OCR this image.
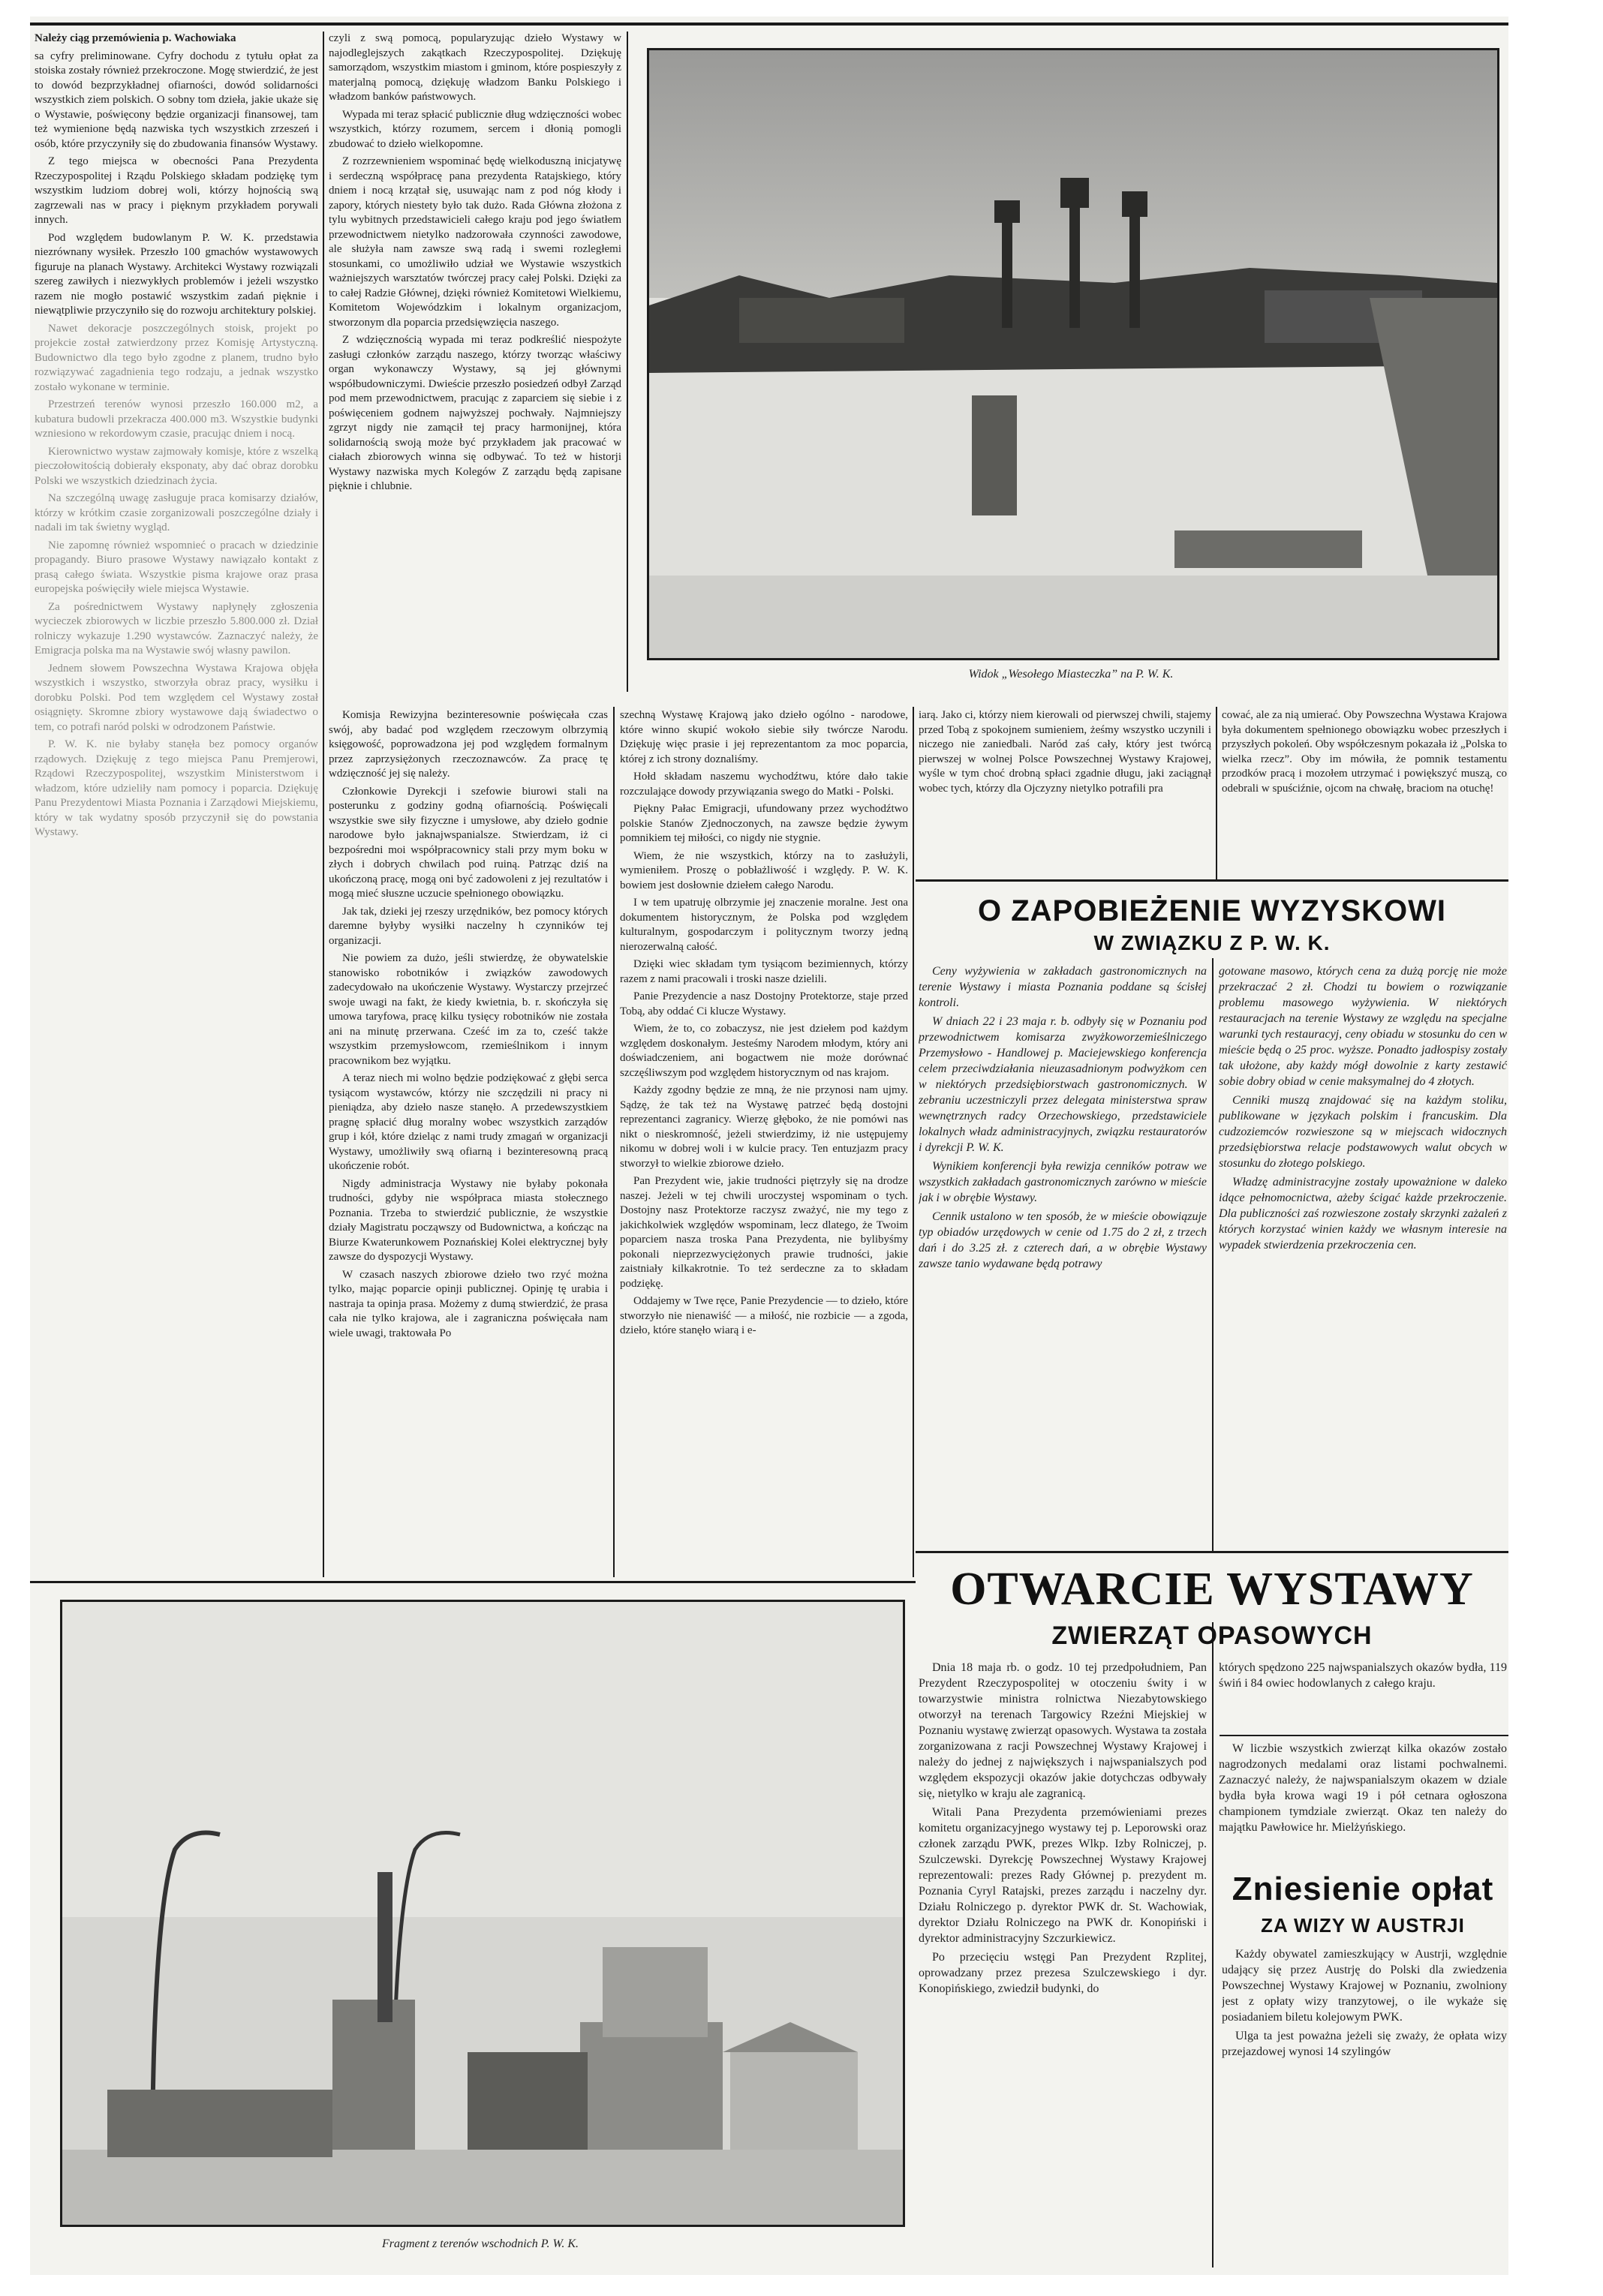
Należy ciąg przemówienia p. Wachowiaka

sa cyfry preliminowane. Cyfry dochodu z tytułu opłat za stoiska zostały również przekroczone. Mogę stwierdzić, że jest to dowód bezprzykładnej ofiarności, dowód solidarności wszystkich ziem polskich. O sobny tom dzieła, jakie ukaże się o Wystawie, poświęcony będzie organizacji finansowej, tam też wymienione będą nazwiska tych wszystkich zrzeszeń i osób, które przyczyniły się do zbudowania finansów Wystawy.

Z tego miejsca w obecności Pana Prezydenta Rzeczypospolitej i Rządu Polskiego składam podziękę tym wszystkim ludziom dobrej woli, którzy hojnością swą zagrzewali nas w pracy i pięknym przykładem porywali innych.

Pod względem budowlanym P. W. K. przedstawia niezrównany wysiłek. Przeszło 100 gmachów wystawowych figuruje na planach Wystawy. Architekci Wystawy rozwiązali szereg zawiłych i niezwykłych problemów i jeżeli wszystko razem nie mogło postawić wszystkim zadań pięknie i niewątpliwie przyczyniło się do rozwoju architektury polskiej.

Nawet dekoracje poszczególnych stoisk, projekt po projekcie został zatwierdzony przez Komisję Artystyczną. Budownictwo dla tego było zgodne z planem, trudno było rozwiązywać zagadnienia tego rodzaju, a jednak wszystko zostało wykonane w terminie.

Przestrzeń terenów wynosi przeszło 160.000 m2, a kubatura budowli przekracza 400.000 m3. Wszystkie budynki wzniesiono w rekordowym czasie, pracując dniem i nocą.

Kierownictwo wystaw zajmowały komisje, które z wszelką pieczołowitością dobierały eksponaty, aby dać obraz dorobku Polski we wszystkich dziedzinach życia.

Na szczególną uwagę zasługuje praca komisarzy działów, którzy w krótkim czasie zorganizowali poszczególne działy i nadali im tak świetny wygląd.

Nie zapomnę również wspomnieć o pracach w dziedzinie propagandy. Biuro prasowe Wystawy nawiązało kontakt z prasą całego świata. Wszystkie pisma krajowe oraz prasa europejska poświęciły wiele miejsca Wystawie.

Za pośrednictwem Wystawy napłynęły zgłoszenia wycieczek zbiorowych w liczbie przeszło 5.800.000 zł. Dział rolniczy wykazuje 1.290 wystawców. Zaznaczyć należy, że Emigracja polska ma na Wystawie swój własny pawilon.

Jednem słowem Powszechna Wystawa Krajowa objęła wszystkich i wszystko, stworzyła obraz pracy, wysiłku i dorobku Polski. Pod tem względem cel Wystawy został osiągnięty. Skromne zbiory wystawowe dają świadectwo o tem, co potrafi naród polski w odrodzonem Państwie.

P. W. K. nie byłaby stanęła bez pomocy organów rządowych. Dziękuję z tego miejsca Panu Premjerowi, Rządowi Rzeczypospolitej, wszystkim Ministerstwom i władzom, które udzieliły nam pomocy i poparcia. Dziękuję Panu Prezydentowi Miasta Poznania i Zarządowi Miejskiemu, który w tak wydatny sposób przyczynił się do powstania Wystawy.

czyli z swą pomocą, popularyzując dzieło Wystawy w najodleglejszych zakątkach Rzeczypospolitej. Dziękuję samorządom, wszystkim miastom i gminom, które pospieszyły z materjalną pomocą, dziękuję władzom Banku Polskiego i władzom banków państwowych.

Wypada mi teraz spłacić publicznie dług wdzięczności wobec wszystkich, którzy rozumem, sercem i dłonią pomogli zbudować to dzieło wielkopomne.

Z rozrzewnieniem wspominać będę wielkoduszną inicjatywę i serdeczną współpracę pana prezydenta Ratajskiego, który dniem i nocą krzątał się, usuwając nam z pod nóg kłody i zapory, których niestety było tak dużo. Rada Główna złożona z tylu wybitnych przedstawicieli całego kraju pod jego światłem przewodnictwem nietylko nadzorowała czynności zawodowe, ale służyła nam zawsze swą radą i swemi rozległemi stosunkami, co umożliwiło udział we Wystawie wszystkich ważniejszych warsztatów twórczej pracy całej Polski. Dzięki za to całej Radzie Głównej, dzięki również Komitetowi Wielkiemu, Komitetom Wojewódzkim i lokalnym organizacjom, stworzonym dla poparcia przedsięwzięcia naszego.

Z wdzięcznością wypada mi teraz podkreślić niespożyte zasługi członków zarządu naszego, którzy tworząc właściwy organ wykonawczy Wystawy, są jej głównymi współbudowniczymi. Dwieście przeszło posiedzeń odbył Zarząd pod mem przewodnictwem, pracując z zaparciem się siebie i z poświęceniem godnem najwyższej pochwały. Najmniejszy zgrzyt nigdy nie zamącił tej pracy harmonijnej, która solidarnością swoją może być przykładem jak pracować w ciałach zbiorowych winna się odbywać. To też w historji Wystawy nazwiska mych Kolegów Z zarządu będą zapisane pięknie i chlubnie.

Komisja Rewizyjna bezinteresownie poświęcała czas swój, aby badać pod względem rzeczowym olbrzymią księgowość, poprowadzona jej pod względem formalnym przez zaprzysiężonych rzeczoznawców. Za pracę tę wdzięczność jej się należy.

Członkowie Dyrekcji i szefowie biurowi stali na posterunku z godziny godną ofiarnością. Poświęcali wszystkie swe siły fizyczne i umysłowe, aby dzieło godnie narodowe było jaknajwspanialsze. Stwierdzam, iż ci bezpośredni moi współpracownicy stali przy mym boku w złych i dobrych chwilach pod ruiną. Patrząc dziś na ukończoną pracę, mogą oni być zadowoleni z jej rezultatów i mogą mieć słuszne uczucie spełnionego obowiązku.

Jak tak, dzieki jej rzeszy urzędników, bez pomocy których daremne byłyby wysiłki naczelny h czynników tej organizacji.

Nie powiem za dużo, jeśli stwierdzę, że obywatelskie stanowisko robotników i związków zawodowych zadecydowało na ukończenie Wystawy. Wystarczy przejrzeć swoje uwagi na fakt, że kiedy kwietnia, b. r. skończyła się umowa taryfowa, pracę kilku tysięcy robotników nie została ani na minutę przerwana. Cześć im za to, cześć także wszystkim przemysłowcom, rzemieślnikom i innym pracownikom bez wyjątku.

A teraz niech mi wolno będzie podziękować z głębi serca tysiącom wystawców, którzy nie szczędzili ni pracy ni pieniądza, aby dzieło nasze stanęło. A przedewszystkiem pragnę spłacić dług moralny wobec wszystkich zarządów grup i kół, które dzieląc z nami trudy zmagań w organizacji Wystawy, umożliwiły swą ofiarną i bezinteresowną pracą ukończenie robót.

Nigdy administracja Wystawy nie byłaby pokonała trudności, gdyby nie współpraca miasta stołecznego Poznania. Trzeba to stwierdzić publicznie, że wszystkie działy Magistratu począwszy od Budownictwa, a kończąc na Biurze Kwaterunkowem Poznańskiej Kolei elektrycznej były zawsze do dyspozycji Wystawy.

W czasach naszych zbiorowe dzieło two rzyć można tylko, mając poparcie opinji publicznej. Opinję tę urabia i nastraja ta opinja prasa. Możemy z dumą stwierdzić, że prasa cała nie tylko krajowa, ale i zagraniczna poświęcała nam wiele uwagi, traktowała Po

Widok „Wesołego Miasteczka” na P. W. K.

szechną Wystawę Krajową jako dzieło ogólno - narodowe, które winno skupić wokoło siebie siły twórcze Narodu. Dziękuję więc prasie i jej reprezentantom za moc poparcia, której z ich strony doznaliśmy.

Hołd składam naszemu wychodźtwu, które dało takie rozczulające dowody przywiązania swego do Matki - Polski.

Piękny Pałac Emigracji, ufundowany przez wychodźtwo polskie Stanów Zjednoczonych, na zawsze będzie żywym pomnikiem tej miłości, co nigdy nie stygnie.

Wiem, że nie wszystkich, którzy na to zasłużyli, wymieniłem. Proszę o pobłażliwość i względy. P. W. K. bowiem jest dosłownie dziełem całego Narodu.

I w tem upatruję olbrzymie jej znaczenie moralne. Jest ona dokumentem historycznym, że Polska pod względem kulturalnym, gospodarczym i politycznym tworzy jedną nierozerwalną całość.

Dzięki wiec składam tym tysiącom bezimiennych, którzy razem z nami pracowali i troski nasze dzielili.

Panie Prezydencie a nasz Dostojny Protektorze, staje przed Tobą, aby oddać Ci klucze Wystawy.

Wiem, że to, co zobaczysz, nie jest dziełem pod każdym względem doskonałym. Jesteśmy Narodem młodym, który ani doświadczeniem, ani bogactwem nie może dorównać szczęśliwszym pod względem historycznym od nas krajom.

Każdy zgodny będzie ze mną, że nie przynosi nam ujmy. Sądzę, że tak też na Wystawę patrzeć będą dostojni reprezentanci zagranicy. Wierzę głęboko, że nie pomówi nas nikt o nieskromność, jeżeli stwierdzimy, iż nie ustępujemy nikomu w dobrej woli i w kulcie pracy. Ten entuzjazm pracy stworzył to wielkie zbiorowe dzieło.

Pan Prezydent wie, jakie trudności piętrzyły się na drodze naszej. Jeżeli w tej chwili uroczystej wspominam o tych. Dostojny nasz Protektorze raczysz zważyć, nie my tego z jakichkolwiek względów wspominam, lecz dlatego, że Twoim poparciem nasza troska Pana Prezydenta, nie bylibyśmy pokonali nieprzezwyciężonych prawie trudności, jakie zaistniały kilkakrotnie. To też serdeczne za to składam podziękę.

Oddajemy w Twe ręce, Panie Prezydencie — to dzieło, które stworzyło nie nienawiść — a miłość, nie rozbicie — a zgoda, dzieło, które stanęło wiarą i e-

iarą. Jako ci, którzy niem kierowali od pierwszej chwili, stajemy przed Tobą z spokojnem sumieniem, żeśmy wszystko uczynili i niczego nie zaniedbali. Naród zaś cały, który jest twórcą pierwszej w wolnej Polsce Powszechnej Wystawy Krajowej, wyśle w tym choć drobną spłaci zgadnie długu, jaki zaciągnął wobec tych, którzy dla Ojczyzny nietylko potrafili pra

cować, ale za nią umierać. Oby Powszechna Wystawa Krajowa była dokumentem spełnionego obowiązku wobec przeszłych i przyszłych pokoleń. Oby współczesnym pokazała iż „Polska to wielka rzecz”. Oby im mówiła, że pomnik testamentu przodków pracą i mozołem utrzymać i powiększyć muszą, co odebrali w spuściźnie, ojcom na chwałę, braciom na otuchę!

O ZAPOBIEŻENIE WYZYSKOWI
W ZWIĄZKU Z P. W. K.

Ceny wyżywienia w zakładach gastronomicznych na terenie Wystawy i miasta Poznania poddane są ścisłej kontroli.

W dniach 22 i 23 maja r. b. odbyły się w Poznaniu pod przewodnictwem komisarza zwyżkoworzemieślniczego Przemysłowo - Handlowej p. Maciejewskiego konferencja celem przeciwdziałania nieuzasadnionym podwyżkom cen w niektórych przedsiębiorstwach gastronomicznych. W zebraniu uczestniczyli przez delegata ministerstwa spraw wewnętrznych radcy Orzechowskiego, przedstawiciele lokalnych władz administracyjnych, związku restauratorów i dyrekcji P. W. K.

Wynikiem konferencji była rewizja cenników potraw we wszystkich zakładach gastronomicznych zarówno w mieście jak i w obrębie Wystawy.

Cennik ustalono w ten sposób, że w mieście obowiązuje typ obiadów urzędowych w cenie od 1.75 do 2 zł, z trzech dań i do 3.25 zł. z czterech dań, a w obrębie Wystawy zawsze tanio wydawane będą potrawy

gotowane masowo, których cena za dużą porcję nie może przekraczać 2 zł. Chodzi tu bowiem o rozwiązanie problemu masowego wyżywienia. W niektórych restauracjach na terenie Wystawy ze względu na specjalne warunki tych restauracyj, ceny obiadu w stosunku do cen w mieście będą o 25 proc. wyższe. Ponadto jadłospisy zostały tak ułożone, aby każdy mógł dowolnie z karty zestawić sobie dobry obiad w cenie maksymalnej do 4 złotych.

Cenniki muszą znajdować się na każdym stoliku, publikowane w językach polskim i francuskim. Dla cudzoziemców rozwieszone są w miejscach widocznych przedsiębiorstwa relacje podstawowych walut obcych w stosunku do złotego polskiego.

Władzę administracyjne zostały upoważnione w daleko idące pełnomocnictwa, ażeby ścigać każde przekroczenie. Dla publiczności zaś rozwieszone zostały skrzynki zażaleń z których korzystać winien każdy we własnym interesie na wypadek stwierdzenia przekroczenia cen.

OTWARCIE WYSTAWY
ZWIERZĄT OPASOWYCH

Dnia 18 maja rb. o godz. 10 tej przedpołudniem, Pan Prezydent Rzeczypospolitej w otoczeniu świty i w towarzystwie ministra rolnictwa Niezabytowskiego otworzył na terenach Targowicy Rzeźni Miejskiej w Poznaniu wystawę zwierząt opasowych. Wystawa ta została zorganizowana z racji Powszechnej Wystawy Krajowej i należy do jednej z największych i najwspanialszych pod względem ekspozycji okazów jakie dotychczas odbywały się, nietylko w kraju ale zagranicą.

Witali Pana Prezydenta przemówieniami prezes komitetu organizacyjnego wystawy tej p. Leporowski oraz członek zarządu PWK, prezes Wlkp. Izby Rolniczej, p. Szulczewski. Dyrekcję Powszechnej Wystawy Krajowej reprezentowali: prezes Rady Głównej p. prezydent m. Poznania Cyryl Ratajski, prezes zarządu i naczelny dyr. Działu Rolniczego p. dyrektor PWK dr. St. Wachowiak, dyrektor Działu Rolniczego na PWK dr. Konopiński i dyrektor administracyjny Szczurkiewicz.

Po przecięciu wstęgi Pan Prezydent Rzplitej, oprowadzany przez prezesa Szulczewskiego i dyr. Konopińskiego, zwiedził budynki, do

których spędzono 225 najwspanialszych okazów bydła, 119 świń i 84 owiec hodowlanych z całego kraju.

W liczbie wszystkich zwierząt kilka okazów zostało nagrodzonych medalami oraz listami pochwalnemi. Zaznaczyć należy, że najwspanialszym okazem w dziale bydła była krowa wagi 19 i pół cetnara ogłoszona championem tymdziale zwierząt. Okaz ten należy do majątku Pawłowice hr. Mielżyńskiego.

Zniesienie opłat
ZA WIZY W AUSTRJI

Każdy obywatel zamieszkujący w Austrji, względnie udający się przez Austrję do Polski dla zwiedzenia Powszechnej Wystawy Krajowej w Poznaniu, zwolniony jest z opłaty wizy tranzytowej, o ile wykaże się posiadaniem biletu kolejowym PWK.

Ulga ta jest poważna jeżeli się zważy, że opłata wizy przejazdowej wynosi 14 szylingów

Fragment z terenów wschodnich P. W. K.
